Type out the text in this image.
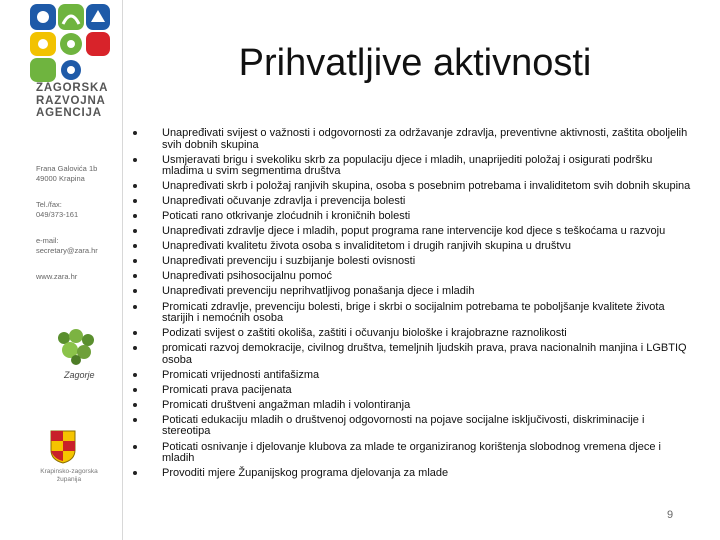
ZAGORSKA
RAZVOJNA
AGENCIJA
Frana Galovića 1b
49000 Krapina
Tel./fax:
049/373-161
e-mail:
secretary@zara.hr
www.zara.hr
Zagorje
Krapinsko-zagorska
županija
Prihvatljive aktivnosti
Unapređivati svijest o važnosti i odgovornosti za održavanje zdravlja, preventivne aktivnosti, zaštita oboljelih svih dobnih skupina
Usmjeravati brigu i svekoliku skrb za populaciju djece i mladih, unaprijediti položaj i osigurati podršku mladima u svim segmentima društva
Unapređivati skrb i položaj ranjivih skupina, osoba s posebnim potrebama i invaliditetom svih dobnih skupina
Unapređivati očuvanje zdravlja i prevencija bolesti
Poticati rano otkrivanje zloćudnih i kroničnih bolesti
Unapređivati zdravlje djece i mladih, poput programa rane intervencije kod djece s teškoćama u razvoju
Unapređivati kvalitetu života osoba s invaliditetom i drugih ranjivih skupina u društvu
Unapređivati prevenciju i suzbijanje bolesti ovisnosti
Unapređivati psihosocijalnu pomoć
Unapređivati prevenciju neprihvatljivog ponašanja djece i mladih
Promicati zdravlje, prevenciju bolesti, brige i skrbi o socijalnim potrebama te poboljšanje kvalitete života starijih i nemoćnih osoba
Podizati svijest o zaštiti okoliša, zaštiti i očuvanju biološke i krajobrazne raznolikosti
promicati razvoj demokracije, civilnog društva, temeljnih ljudskih prava, prava nacionalnih manjina i LGBTIQ osoba
Promicati vrijednosti antifašizma
Promicati prava pacijenata
Promicati društveni angažman mladih i volontiranja
Poticati edukaciju mladih o društvenoj odgovornosti na pojave socijalne isključivosti, diskriminacije i stereotipa
Poticati osnivanje i djelovanje klubova za mlade te organiziranog korištenja slobodnog vremena djece i mladih
Provoditi mjere Županijskog programa djelovanja za mlade
9
